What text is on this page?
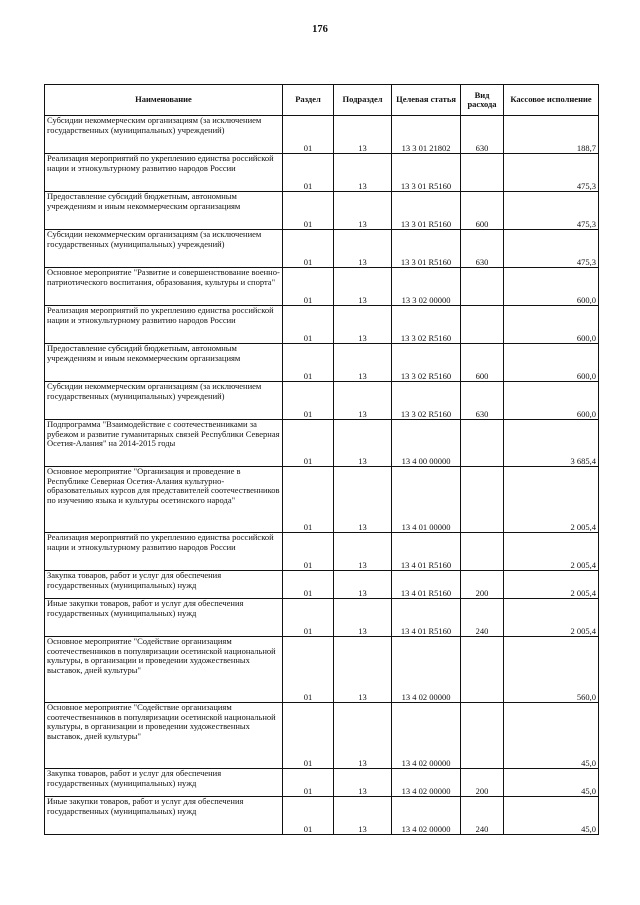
176
Наименование	Раздел	Подраздел	Целевая статья	Вид расхода	Кассовое исполнение
Субсидии некоммерческим организациям (за исключением государственных (муниципальных) учреждений)	01	13	13 3 01 21802	630	188,7
Реализация мероприятий по укреплению единства российской нации и этнокультурному развитию народов России	01	13	13 3 01 R5160		475,3
Предоставление субсидий бюджетным, автономным учреждениям и иным некоммерческим организациям	01	13	13 3 01 R5160	600	475,3
Субсидии некоммерческим организациям (за исключением государственных (муниципальных) учреждений)	01	13	13 3 01 R5160	630	475,3
Основное мероприятие "Развитие и совершенствование военно-патриотического воспитания, образования, культуры и спорта"	01	13	13 3 02 00000		600,0
Реализация мероприятий по укреплению единства российской нации и этнокультурному развитию народов России	01	13	13 3 02 R5160		600,0
Предоставление субсидий бюджетным, автономным учреждениям и иным некоммерческим организациям	01	13	13 3 02 R5160	600	600,0
Субсидии некоммерческим организациям (за исключением государственных (муниципальных) учреждений)	01	13	13 3 02 R5160	630	600,0
Подпрограмма "Взаимодействие с соотечественниками за рубежом и развитие гуманитарных связей Республики Северная Осетия-Алания" на 2014-2015 годы	01	13	13 4 00 00000		3 685,4
Основное мероприятие "Организация и проведение в Республике Северная Осетия-Алания культурно-образовательных курсов для представителей соотечественников по изучению языка и культуры осетинского народа"	01	13	13 4 01 00000		2 005,4
Реализация мероприятий по укреплению единства российской нации и этнокультурному развитию народов России	01	13	13 4 01 R5160		2 005,4
Закупка товаров, работ и услуг для обеспечения государственных (муниципальных) нужд	01	13	13 4 01 R5160	200	2 005,4
Иные закупки товаров, работ и услуг для обеспечения государственных (муниципальных) нужд	01	13	13 4 01 R5160	240	2 005,4
Основное мероприятие "Содействие организациям соотечественников в популяризации осетинской национальной культуры, в организации и проведении художественных выставок, дней культуры"	01	13	13 4 02 00000		560,0
Основное мероприятие "Содействие организациям соотечественников в популяризации осетинской национальной культуры, в организации и проведении художественных выставок, дней культуры"	01	13	13 4 02 00000		45,0
Закупка товаров, работ и услуг для обеспечения государственных (муниципальных) нужд	01	13	13 4 02 00000	200	45,0
Иные закупки товаров, работ и услуг для обеспечения государственных (муниципальных) нужд	01	13	13 4 02 00000	240	45,0
